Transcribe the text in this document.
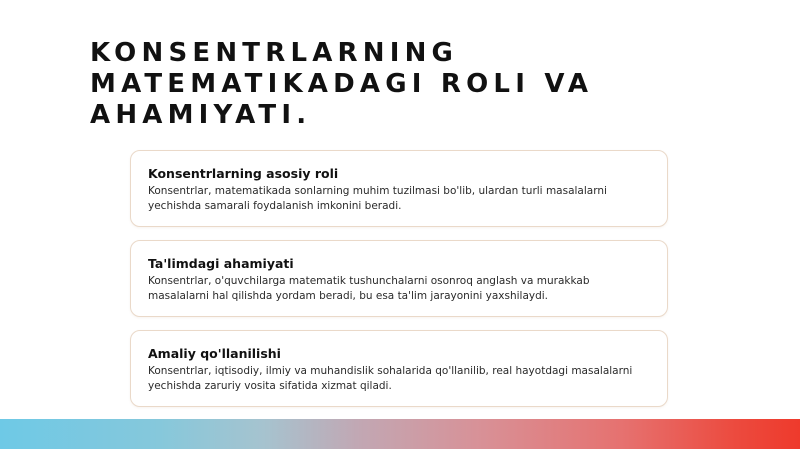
KONSENTRLARNING MATEMATIKADAGI ROLI VA AHAMIYATI.
Konsentrlarning asosiy roli
Konsentrlar, matematikada sonlarning muhim tuzilmasi bo'lib, ulardan turli masalalarni yechishda samarali foydalanish imkonini beradi.
Ta'limdagi ahamiyati
Konsentrlar, o'quvchilarga matematik tushunchalarni osonroq anglash va murakkab masalalarni hal qilishda yordam beradi, bu esa ta'lim jarayonini yaxshilaydi.
Amaliy qo'llanilishi
Konsentrlar, iqtisodiy, ilmiy va muhandislik sohalarida qo'llanilib, real hayotdagi masalalarni yechishda zaruriy vosita sifatida xizmat qiladi.
